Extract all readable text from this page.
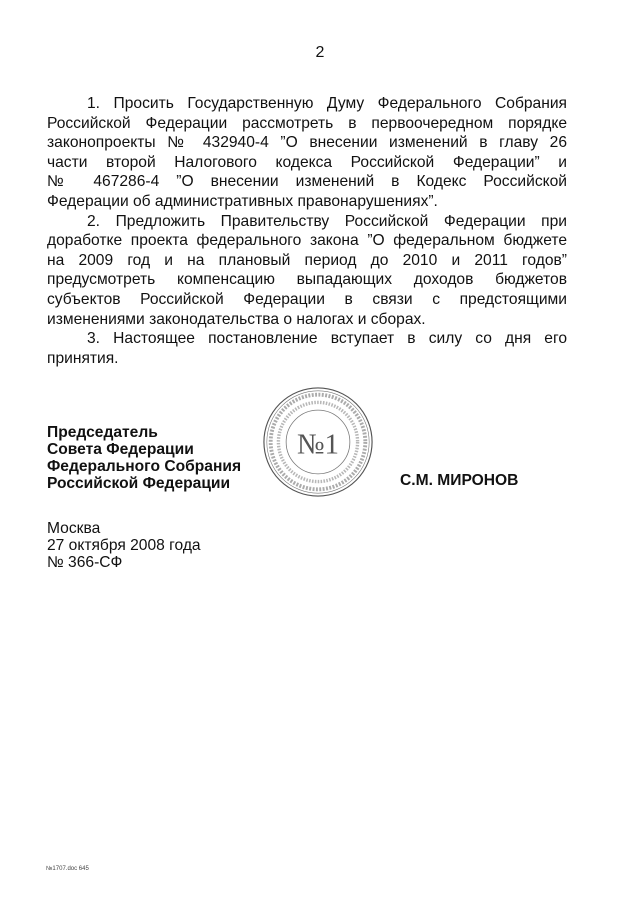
2
1. Просить Государственную Думу Федерального Собрания
Российской Федерации рассмотреть в первоочередном порядке
законопроекты № 432940-4 ”О внесении изменений в главу 26
части второй Налогового кодекса Российской Федерации” и
№ 467286-4 ”О внесении изменений в Кодекс Российской
Федерации об административных правонарушениях”.
2. Предложить Правительству Российской Федерации при
доработке проекта федерального закона ”О федеральном бюджете
на 2009 год и на плановый период до 2010 и 2011 годов”
предусмотреть компенсацию выпадающих доходов бюджетов
субъектов Российской Федерации в связи с предстоящими
изменениями законодательства о налогах и сборах.
3. Настоящее постановление вступает в силу со дня его
принятия.
№1
Председатель
Совета Федерации
Федерального Собрания
Российской Федерации	С.М. МИРОНОВ
Москва
27 октября 2008 года
№ 366-СФ
№1707.doc 645
